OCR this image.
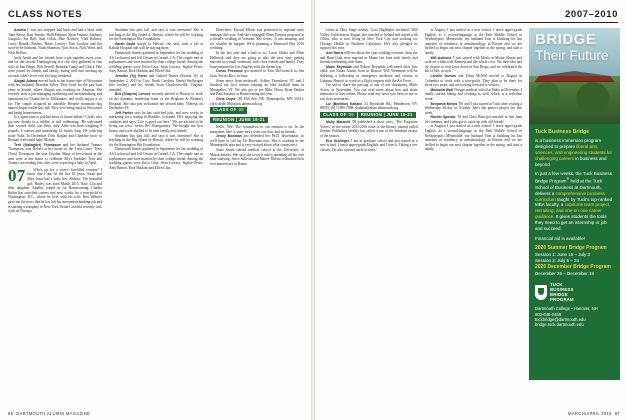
CLASS NOTES

Andrea I. was just stopped laid back and had a blast with Tami Reece, Kari Sundry, Holli Fabiano, Ryan Faunter, Anthony Gargiulo, Sia Boll, Sam Celan, Pike Northey, Vlad Holmes, Corey Brandt, Rushes, Brian Lowrey, Tom Jacobus and her soon-to-be husband, Noah Shannon, Nick Stock, Nick Ward, and Nick Hollins.

Inchi Ayubi and her friends have a get-together every year, and for the second Thanksgiving in a row they gathered in fine style in San Diego. Bob Sewell, Brandon Gantz and Chuck Vale were joined by friends and family, eating well and catching up on each other's lives over the long weekend.

Abigail Adams moved back to her home state of Wisconsin with her husband, Brandon Sykes. They lived for the past four years in Seattle, where Abigail was working for Amazon. She recently took a job managing marketing and merchandising and operations for Chanticlee in Milwaukee, and really enjoys it so far. The couple acquired an adorable Bernese mountain dog named Jasper earlier this fall. They love being back in Wisconsin and being homeowners.

Is it again time to publish news of future babies? Clyde, who got new thanks to a toddler, is still celebrating. 'He welcomed their second child, son Zeke, July. Zeke was born weighing 9 pounds, 6 ounces and measuring 22 inches long. He joins big sister Nola. In December, Dick Kaplan and Charlotte (now in Boston) welcomed baby Moriah.

Terri (Gallagher) Thompson and her husband Tommy Thompson, saw Robert at her house in the Twin Cities. Terry (Tom) Thompson, the year October. Many of her friends in the area were at her house to celebrate Ally's birthday. Terri and Tommy are reading lists; they were expecting a baby in April.

07	Who's up for a sweet, fun-filled reunion? I know that I am! In the last 10 years, Sarah and Marc have had a baby boy, Andrew. The beautiful girl, Hailey, was born March 2015. Nate, Lila and their daughter, Amelia, joined us for Homecoming. Charlie Rubin has switched careers and now works for a non-profit in Washington, D.C., where he lives with his wife. Ben Webster gave me the news that he has left his investment banking job and is starting a company in New York. Brian Cornfeld recently took a job in Chicago.

Stratham this past fall, and says it was awesome! She is teaching in the Big Island of Hawaii, where he will be working for the Kensington Hui Foundation.

Sarah Dodd stayed in Hawaii, she said, took a job at Kahala Hospital and will be staying there.

Dartmouth friends gathered in September for the wedding of Ali Lockwood and Jeff Ossian in Carmel, CA. The couple met as sophomores and were married by their college friend. Among the wedding guests were Erica Gray, Sean Lowery, Sophie Perez, Amy Barton, Rick Haskins and Ellen Choi.

Jennifer (Ty) Perez and Gabriel Nunez (Kristin Ty) of September 2, 2015 in Cary, North Carolina. Daniel Stellwagen (her brother) and his friends from Charlottesville, Virginia, attended.

Brit (Shapiro) Lennox recently moved to Boston to work on the dynamic leadership team of the Brigham & Women's Hospital. She also just welcomed her second baby, Theresa, on December 18.

Jeff Parker says he has switched jobs, and now works in marketing for a startup in Boulder, Colorado. He's enjoying the outdoors and says, 'Life is good out here.' 'We are excited to be living out west,' writes Bet Montgomery. 'We bought our first house, and we're thrilled to be near family and friends.'

Stratham this past fall, and says it was awesome! She is teaching in the Big Island of Hawaii, where he will be working for the Kensington Hui Foundation.

Dartmouth friends gathered in September for the wedding of Ali Lockwood and Jeff Ossian in Carmel, CA. The couple met as sophomores and were married by their college friend. Among the wedding guests were Erica Gray, Sean Lowery, Sophie Perez, Amy Barton, Rick Haskins and Ellen Choi.

Elsewhere, Krystal Elkins was promoted to regional sales manager this year. And she's engaged! Brent Parsons proposed at a friend's wedding in Vermont. She writes, 'It was amazing, and we couldn't be happier. We're planning a Memorial Day 2016 wedding.

In the last year and a half or so, Lucas Shultz and Ellen Halbrook said they are going to take the next step: getting married in a small ceremony with close friends and family. They honeymooned in Los Angeles with the dream trip.

Conor Firestone got married to Erin McCormick in San Juan, Puerto Rico, in June.

Some news from mcdowell: Ashley Thornberry '07, and I finished our first season running an elite football team in Montpelier, VT. We also got to see Mike Olson, Ryan Durkin and Paul Sanchez at Homecoming this year.

Chris Doyle 103 Hill Ave, NE, Minneapolis, MN 55411; chris.doyle.08@alum.dartmouth.org

CLASS OF 08 REUNION | JUNE 16-21

Hello, '08s! The countdown to our reunion is on. In the meantime, here is some news from our class and its friends.

Jenny Bowman just defended her Ph.D. dissertation, so we'll have to call her Dr. Bowman now. She is working in the Minneapolis area and is very excited about what comes next.

Susie Smith started medical school at the University of Massachusetts. She says she loves it and is spending all her free time studying. Steve Sullivan and Maeve Tiberio celebrated their first anniversary in Rome.

86 DARTMOUTH ALUMNI MAGAZINE
2007–2010

event at Ohio Stage nearby. Cool Highlights included: Will Valley, California in August, she traveled to Ireland and stayed with Olivia, who is now living in New York City and working for Chicago Health in Northern California. He's also pledged its support this year.

Ann Harris tells me about her year working overseas, then she and Hans Gale were married in Maine last June with family and friends celebrating with them.

Marie Reynolds and Robert Reynolds welcomed their first child, son Nolan Austin, born in Boston. Will Weitzman will be finishing a fellowship in emergency medicine and returns to Lahaina, Hawaii, to work as a flight surgeon with the Air Force.

I'm sad to share the passing of one of our classmates, Miles Acton, in November. You can read more about him and share memories of him online. Please send any news you have to me or our class secretaries.

Liz (Boehlke) Kahane 33 Brookside Rd., Henderson, NV 89015; (617) 980-7868; jkahane@alum.dartmouth.org

CLASS OF 09 REUNION | JUNE 16-21

Molly Maranell '09 published a short story, 'The Forgotten Voices,' in the winter 2015/2016 issue of the literary journal called Zeniter. Publishers Weekly has called it one of the breakout essays of the season.

Eric Schlinger 'I am in graduate school and just started at a new school. I teach upper-grade English, and I love it. Taking a few classes, I'm also a proud uncle to three.'

in August, I just started as a new school. I teach upper-grade English, as a second-language at the Park Middle School in Newburyport. Meanwhile, my husband Tom is finishing his last semester of residency in anesthesiology in Boston and we are thrilled to begin our next chapter together in the spring, and start a family.

Will Ashtone 'I just stayed with Mario in Mount Shasta and went on a hike with Emmett and the whole crew. We then also had the chance to visit Jesse down in San Diego, and we celebrated the 4th of July in style.'

Lenelle Gurton and Tobin McNeil moved to Bogotá in Colombia to work with a non-profit. They plan to be there for about two years, and are looking forward to visitors.

Michaela Walt 'I began medical school at Duke in December. I finally started hiking and cooking as well, which is a welcome break.'

Benjamin Meeps '09, and I just started at Tuck after visiting a Wednesday all-day in October. She's the perfect project for this week.'

Rachel Spector '10 and Chris Bain got married in San Juan this summer, and I also got to catch up with old friends.

in August, I just started as a new school. I teach upper-grade English, as a second-language at the Park Middle School in Newburyport. Meanwhile, my husband Tom is finishing his last semester of residency in anesthesiology in Boston and we are thrilled to begin our next chapter together in the spring, and start a family.

BRIDGE
Their Future
Tuck Business Bridge

is a business immersion program designed to prepare liberal arts, sciences, and engineering students for challenging careers in business and beyond.

In just a few weeks, the Tuck Business Bridge Program® held at the Tuck School of Business at Dartmouth, delivers a comprehensive business curriculum taught by Tuck's top-ranked MBA faculty, a capstone team project, recruiting, and one-on-one career guidance. It gives students the tools they need to get an internship or job and succeed.

Financial aid is available!

2020 Summer Bridge Program
Session 1: June 15 – July 3
Session 2: July 6 – 24
2020 December Bridge Program
December 26 – December 18
TUCK
BUSINESS
BRIDGE
PROGRAM
Dartmouth College • Hanover, NH
603-646-0458
tuckbridge@dartmouth.edu
bridge.tuck.dartmouth.edu
MARCH/APRIL 2016 87
